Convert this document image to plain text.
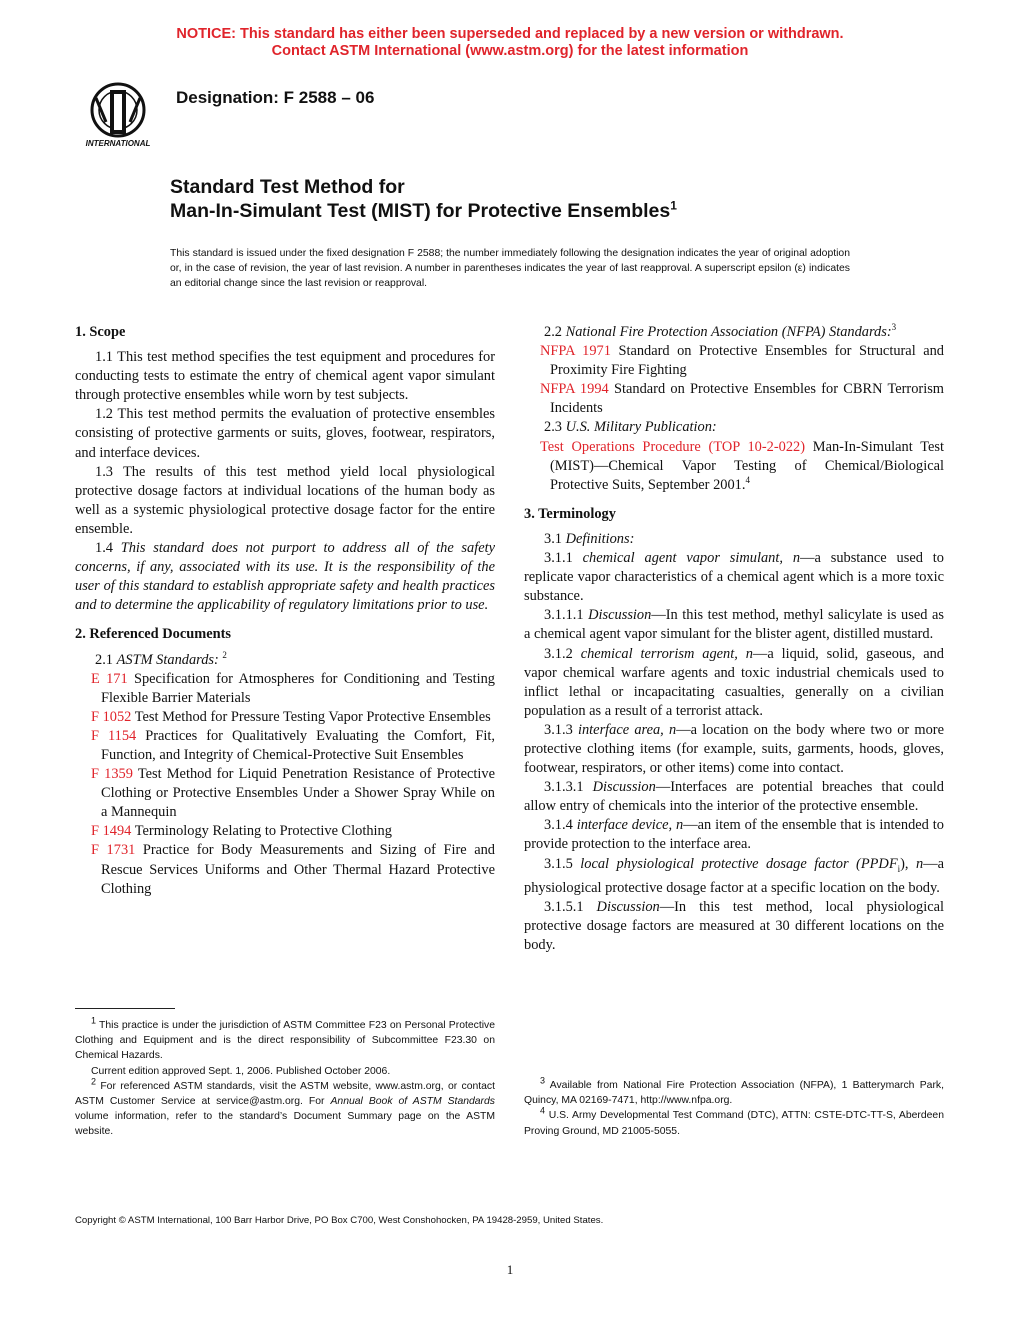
NOTICE: This standard has either been superseded and replaced by a new version or withdrawn.
Contact ASTM International (www.astm.org) for the latest information
INTERNATIONAL
Designation: F 2588 – 06
Standard Test Method for
Man-In-Simulant Test (MIST) for Protective Ensembles$^1$
This standard is issued under the fixed designation F 2588; the number immediately following the designation indicates the year of original adoption or, in the case of revision, the year of last revision. A number in parentheses indicates the year of last reapproval. A superscript epsilon (ε) indicates an editorial change since the last revision or reapproval.

1. Scope

1.1 This test method specifies the test equipment and procedures for conducting tests to estimate the entry of chemical agent vapor simulant through protective ensembles while worn by test subjects.

1.2 This test method permits the evaluation of protective ensembles consisting of protective garments or suits, gloves, footwear, respirators, and interface devices.

1.3 The results of this test method yield local physiological protective dosage factors at individual locations of the human body as well as a systemic physiological protective dosage factor for the entire ensemble.

1.4 This standard does not purport to address all of the safety concerns, if any, associated with its use. It is the responsibility of the user of this standard to establish appropriate safety and health practices and to determine the applicability of regulatory limitations prior to use.

2. Referenced Documents

2.1 ASTM Standards: $^2$

E 171 Specification for Atmospheres for Conditioning and Testing Flexible Barrier Materials

F 1052 Test Method for Pressure Testing Vapor Protective Ensembles

F 1154 Practices for Qualitatively Evaluating the Comfort, Fit, Function, and Integrity of Chemical-Protective Suit Ensembles

F 1359 Test Method for Liquid Penetration Resistance of Protective Clothing or Protective Ensembles Under a Shower Spray While on a Mannequin

F 1494 Terminology Relating to Protective Clothing

F 1731 Practice for Body Measurements and Sizing of Fire and Rescue Services Uniforms and Other Thermal Hazard Protective Clothing

2.2 National Fire Protection Association (NFPA) Standards:$^3$

NFPA 1971 Standard on Protective Ensembles for Structural and Proximity Fire Fighting

NFPA 1994 Standard on Protective Ensembles for CBRN Terrorism Incidents

2.3 U.S. Military Publication:

Test Operations Procedure (TOP 10-2-022) Man-In-Simulant Test (MIST)—Chemical Vapor Testing of Chemical/Biological Protective Suits, September 2001.$^4$

3. Terminology

3.1 Definitions:

3.1.1 chemical agent vapor simulant, n—a substance used to replicate vapor characteristics of a chemical agent which is a more toxic substance.

3.1.1.1 Discussion—In this test method, methyl salicylate is used as a chemical agent vapor simulant for the blister agent, distilled mustard.

3.1.2 chemical terrorism agent, n—a liquid, solid, gaseous, and vapor chemical warfare agents and toxic industrial chemicals used to inflict lethal or incapacitating casualties, generally on a civilian population as a result of a terrorist attack.

3.1.3 interface area, n—a location on the body where two or more protective clothing items (for example, suits, garments, hoods, gloves, footwear, respirators, or other items) come into contact.

3.1.3.1 Discussion—Interfaces are potential breaches that could allow entry of chemicals into the interior of the protective ensemble.

3.1.4 interface device, n—an item of the ensemble that is intended to provide protection to the interface area.

3.1.5 local physiological protective dosage factor $(PPDF_i)$, n—a physiological protective dosage factor at a specific location on the body.

3.1.5.1 Discussion—In this test method, local physiological protective dosage factors are measured at 30 different locations on the body.

$^1$ This practice is under the jurisdiction of ASTM Committee F23 on Personal Protective Clothing and Equipment and is the direct responsibility of Subcommittee F23.30 on Chemical Hazards.

Current edition approved Sept. 1, 2006. Published October 2006.

$^2$ For referenced ASTM standards, visit the ASTM website, www.astm.org, or contact ASTM Customer Service at service@astm.org. For Annual Book of ASTM Standards volume information, refer to the standard’s Document Summary page on the ASTM website.

$^3$ Available from National Fire Protection Association (NFPA), 1 Batterymarch Park, Quincy, MA 02169-7471, http://www.nfpa.org.

$^4$ U.S. Army Developmental Test Command (DTC), ATTN: CSTE-DTC-TT-S, Aberdeen Proving Ground, MD 21005-5055.

Copyright © ASTM International, 100 Barr Harbor Drive, PO Box C700, West Conshohocken, PA 19428-2959, United States.
1
